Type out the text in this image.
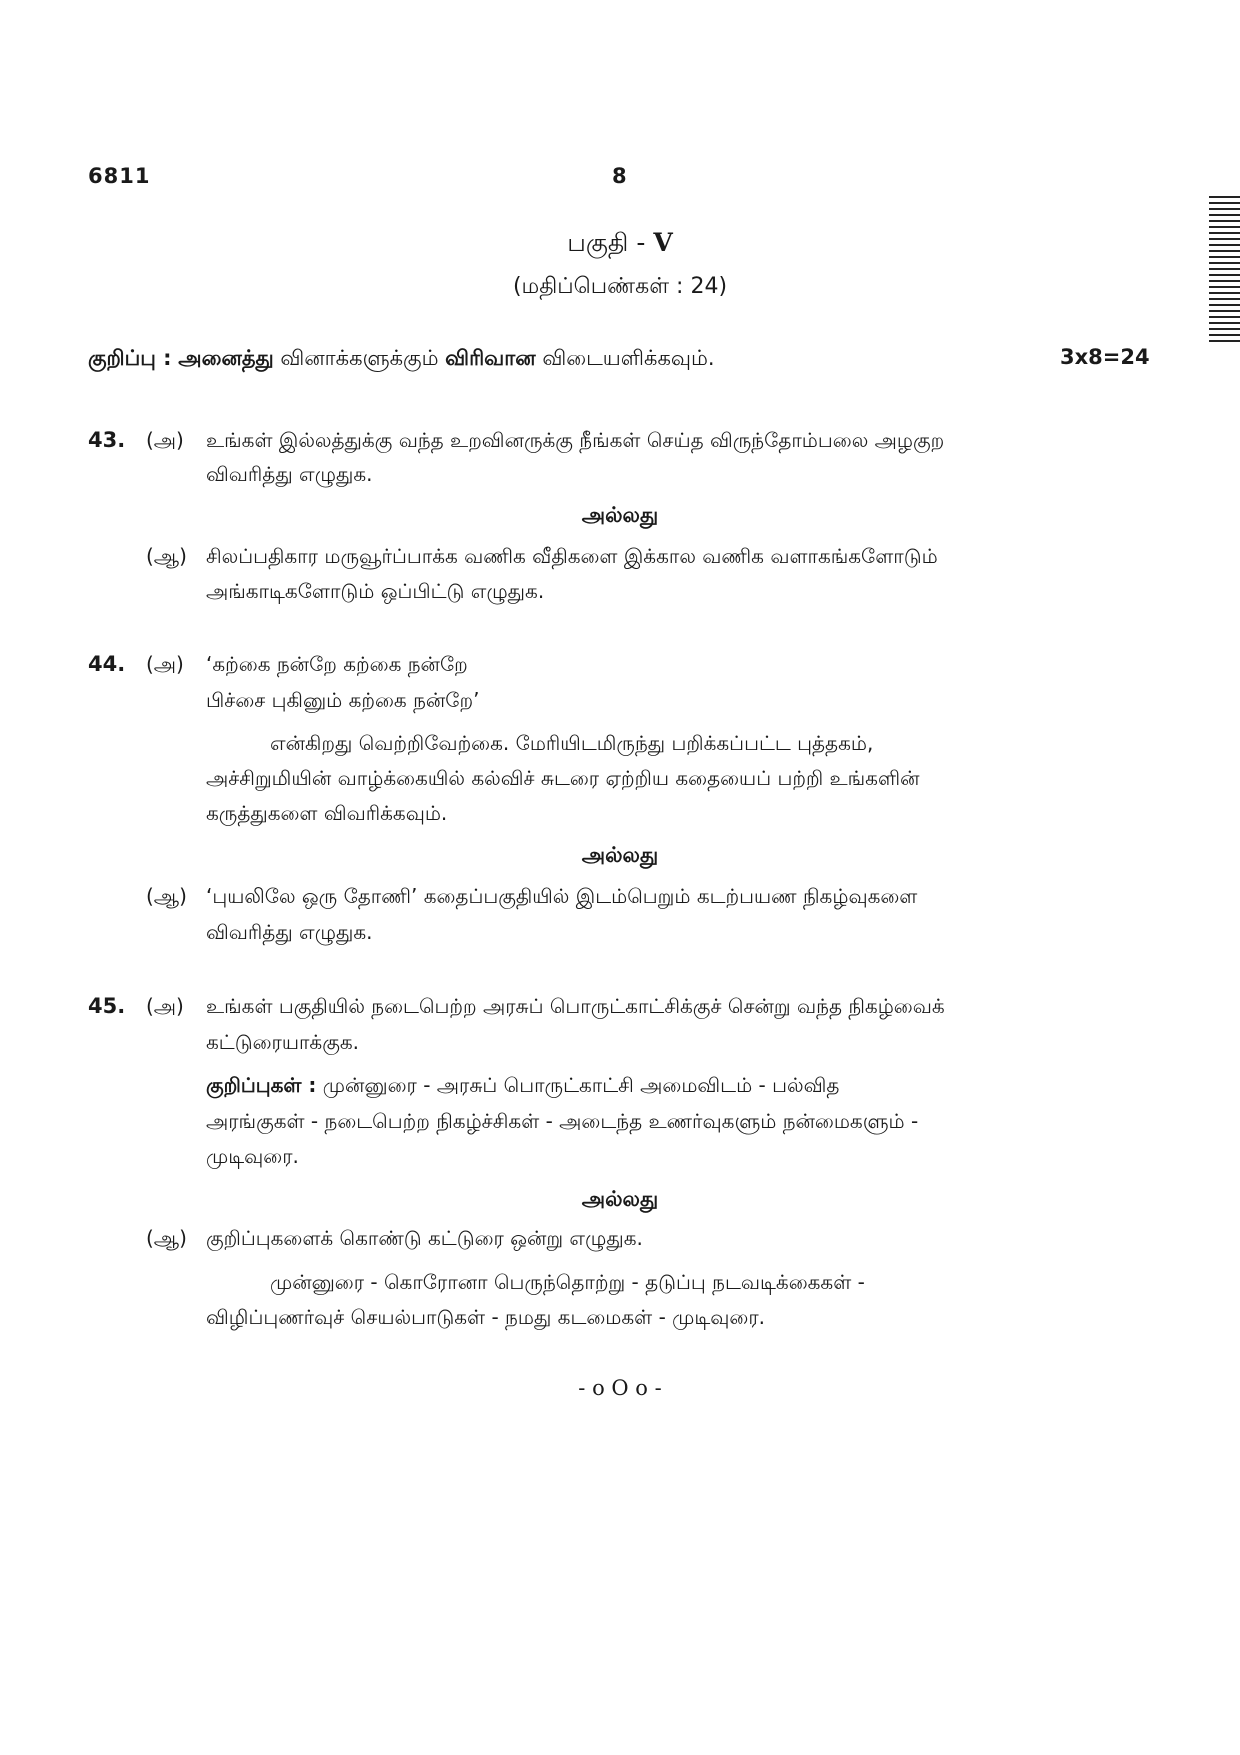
6811	8
பகுதி - V
(மதிப்பெண்கள் : 24)
குறிப்பு : அனைத்து வினாக்களுக்கும் விரிவான விடையளிக்கவும்.	3x8=24
43. (அ) உங்கள் இல்லத்துக்கு வந்த உறவினருக்கு நீங்கள் செய்த விருந்தோம்பலை அழகுற
விவரித்து எழுதுக.
அல்லது
(ஆ) சிலப்பதிகார மருவூர்ப்பாக்க வணிக வீதிகளை இக்கால வணிக வளாகங்களோடும்
அங்காடிகளோடும் ஒப்பிட்டு எழுதுக.
44. (அ) ‘கற்கை நன்றே கற்கை நன்றே
பிச்சை புகினும் கற்கை நன்றே’
என்கிறது வெற்றிவேற்கை. மேரியிடமிருந்து பறிக்கப்பட்ட புத்தகம்,
அச்சிறுமியின் வாழ்க்கையில் கல்விச் சுடரை ஏற்றிய கதையைப் பற்றி உங்களின்
கருத்துகளை விவரிக்கவும்.
அல்லது
(ஆ) ‘புயலிலே ஒரு தோணி’ கதைப்பகுதியில் இடம்பெறும் கடற்பயண நிகழ்வுகளை
விவரித்து எழுதுக.
45. (அ) உங்கள் பகுதியில் நடைபெற்ற அரசுப் பொருட்காட்சிக்குச் சென்று வந்த நிகழ்வைக்
கட்டுரையாக்குக.
குறிப்புகள் : முன்னுரை - அரசுப் பொருட்காட்சி அமைவிடம் - பல்வித
அரங்குகள் - நடைபெற்ற நிகழ்ச்சிகள் - அடைந்த உணர்வுகளும் நன்மைகளும் -
முடிவுரை.
அல்லது
(ஆ) குறிப்புகளைக் கொண்டு கட்டுரை ஒன்று எழுதுக.
முன்னுரை - கொரோனா பெருந்தொற்று - தடுப்பு நடவடிக்கைகள் -
விழிப்புணர்வுச் செயல்பாடுகள் - நமது கடமைகள் - முடிவுரை.
- o O o -
